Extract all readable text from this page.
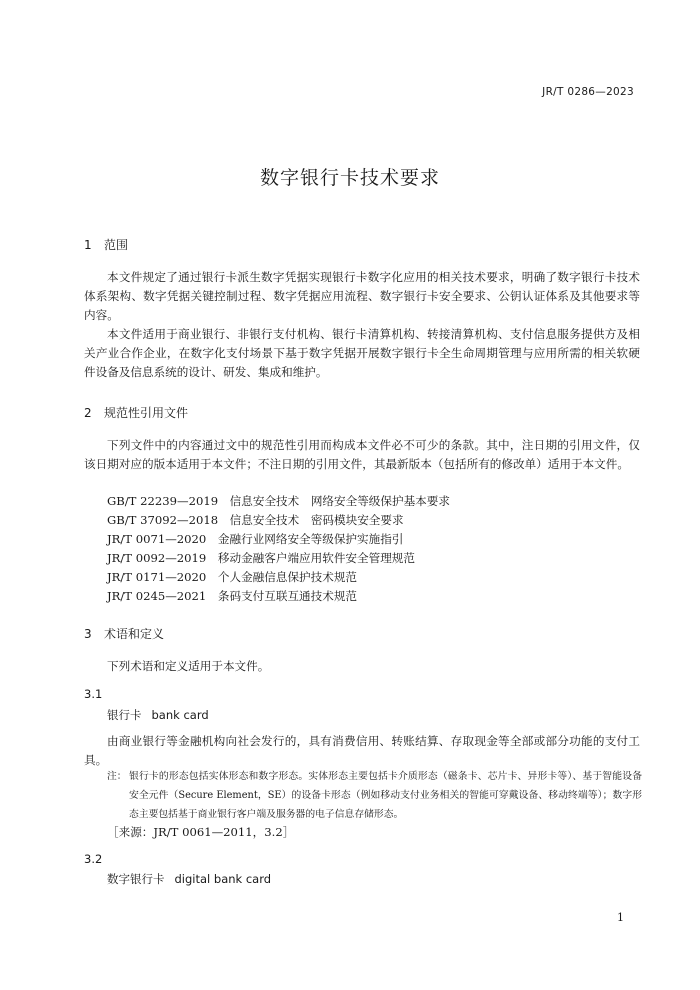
JR/T 0286—2023
数字银行卡技术要求
1 范围
本文件规定了通过银行卡派生数字凭据实现银行卡数字化应用的相关技术要求，明确了数字银行卡技术体系架构、数字凭据关键控制过程、数字凭据应用流程、数字银行卡安全要求、公钥认证体系及其他要求等内容。
本文件适用于商业银行、非银行支付机构、银行卡清算机构、转接清算机构、支付信息服务提供方及相关产业合作企业，在数字化支付场景下基于数字凭据开展数字银行卡全生命周期管理与应用所需的相关软硬件设备及信息系统的设计、研发、集成和维护。
2 规范性引用文件
下列文件中的内容通过文中的规范性引用而构成本文件必不可少的条款。其中，注日期的引用文件，仅该日期对应的版本适用于本文件；不注日期的引用文件，其最新版本（包括所有的修改单）适用于本文件。
GB/T 22239—2019　信息安全技术　网络安全等级保护基本要求
GB/T 37092—2018　信息安全技术　密码模块安全要求
JR/T 0071—2020　金融行业网络安全等级保护实施指引
JR/T 0092—2019　移动金融客户端应用软件安全管理规范
JR/T 0171—2020　个人金融信息保护技术规范
JR/T 0245—2021　条码支付互联互通技术规范
3 术语和定义
下列术语和定义适用于本文件。
3.1
银行卡 bank card
由商业银行等金融机构向社会发行的，具有消费信用、转账结算、存取现金等全部或部分功能的支付工具。
注： 银行卡的形态包括实体形态和数字形态。实体形态主要包括卡介质形态（磁条卡、芯片卡、异形卡等）、基于智能设备安全元件（Secure Element，SE）的设备卡形态（例如移动支付业务相关的智能可穿戴设备、移动终端等）；数字形态主要包括基于商业银行客户端及服务器的电子信息存储形态。
［来源：JR/T 0061—2011，3.2］
3.2
数字银行卡 digital bank card
1
